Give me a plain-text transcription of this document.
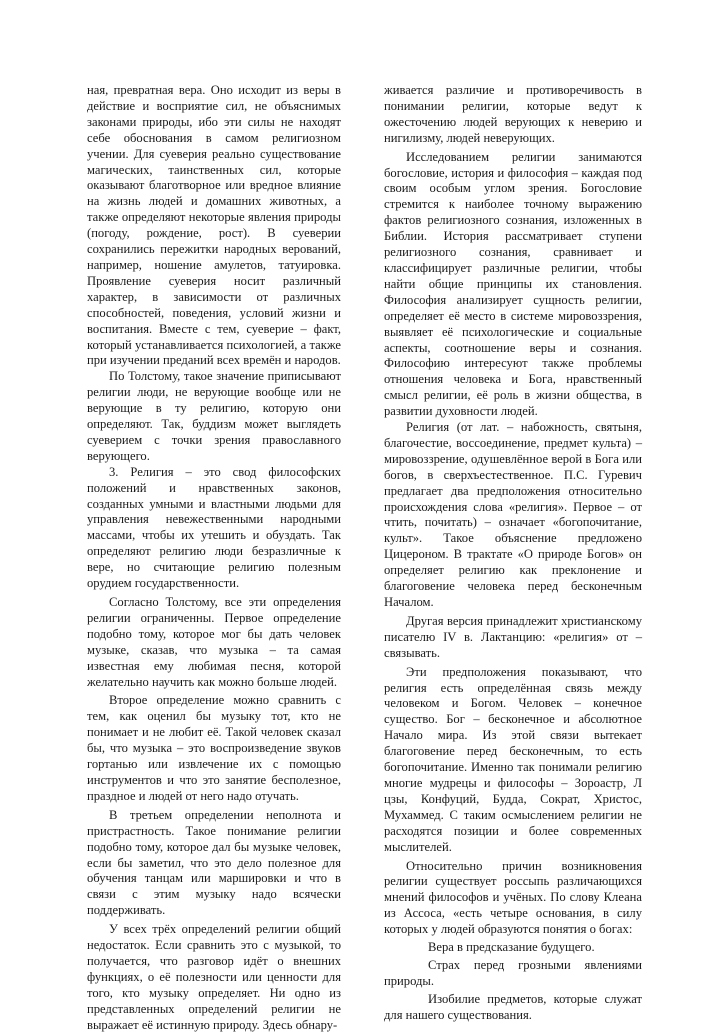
ная, превратная вера. Оно исходит из веры в действие и восприятие сил, не объяснимых законами природы, ибо эти силы не находят себе обоснования в самом религиозном учении. Для суеверия реально существование магических, таинственных сил, которые оказывают благотворное или вредное влияние на жизнь людей и домашних животных, а также определяют некоторые явления природы (погоду, рождение, рост). В суеверии сохранились пережитки народных верований, например, ношение амулетов, татуировка. Проявление суеверия носит различный характер, в зависимости от различных способностей, поведения, условий жизни и воспитания. Вместе с тем, суеверие – факт, который устанавливается психологией, а также при изучении преданий всех времён и народов.

По Толстому, такое значение приписывают религии люди, не верующие вообще или не верующие в ту религию, которую они определяют. Так, буддизм может выглядеть суеверием с точки зрения православного верующего.

3. Религия – это свод философских положений и нравственных законов, созданных умными и властными людьми для управления невежественными народными массами, чтобы их утешить и обуздать. Так определяют религию люди безразличные к вере, но считающие религию полезным орудием государственности.

Согласно Толстому, все эти определения религии ограниченны. Первое определение подобно тому, которое мог бы дать человек музыке, сказав, что музыка – та самая известная ему любимая песня, которой желательно научить как можно больше людей.

Второе определение можно сравнить с тем, как оценил бы музыку тот, кто не понимает и не любит её. Такой человек сказал бы, что музыка – это воспроизведение звуков гортанью или извлечение их с помощью инструментов и что это занятие бесполезное, праздное и людей от него надо отучать.

В третьем определении неполнота и пристрастность. Такое понимание религии подобно тому, которое дал бы музыке человек, если бы заметил, что это дело полезное для обучения танцам или маршировки и что в связи с этим музыку надо всячески поддерживать.

У всех трёх определений религии общий недостаток. Если сравнить это с музыкой, то получается, что разговор идёт о внешних функциях, о её полезности или ценности для того, кто музыку определяет. Ни одно из представленных определений религии не выражает её истинную природу. Здесь обнару-

живается различие и противоречивость в понимании религии, которые ведут к ожесточению людей верующих к неверию и нигилизму, людей неверующих.

Исследованием религии занимаются богословие, история и философия – каждая под своим особым углом зрения. Богословие стремится к наиболее точному выражению фактов религиозного сознания, изложенных в Библии. История рассматривает ступени религиозного сознания, сравнивает и классифицирует различные религии, чтобы найти общие принципы их становления. Философия анализирует сущность религии, определяет её место в системе мировоззрения, выявляет её психологические и социальные аспекты, соотношение веры и сознания. Философию интересуют также проблемы отношения человека и Бога, нравственный смысл религии, её роль в жизни общества, в развитии духовности людей.

Религия (от лат. – набожность, святыня, благочестие, воссоединение, предмет культа) – мировоззрение, одушевлённое верой в Бога или богов, в сверхъестественное. П.С. Гуревич предлагает два предположения относительно происхождения слова «религия». Первое – от чтить, почитать) – означает «богопочитание, культ». Такое объяснение предложено Цицероном. В трактате «О природе Богов» он определяет религию как преклонение и благоговение человека перед бесконечным Началом.

Другая версия принадлежит христианскому писателю IV в. Лактанцию: «религия» от – связывать.

Эти предположения показывают, что религия есть определённая связь между человеком и Богом. Человек – конечное существо. Бог – бесконечное и абсолютное Начало мира. Из этой связи вытекает благоговение перед бесконечным, то есть богопочитание. Именно так понимали религию многие мудрецы и философы – Зороастр, Л цзы, Конфуций, Будда, Сократ, Христос, Мухаммед. С таким осмыслением религии не расходятся позиции и более современных мыслителей.

Относительно причин возникновения религии существует россыпь различающихся мнений философов и учёных. По слову Клеана из Ассоса, «есть четыре основания, в силу которых у людей образуются понятия о богах:

Вера в предсказание будущего.

Страх перед грозными явлениями природы.

Изобилие предметов, которые служат для нашего существования.
